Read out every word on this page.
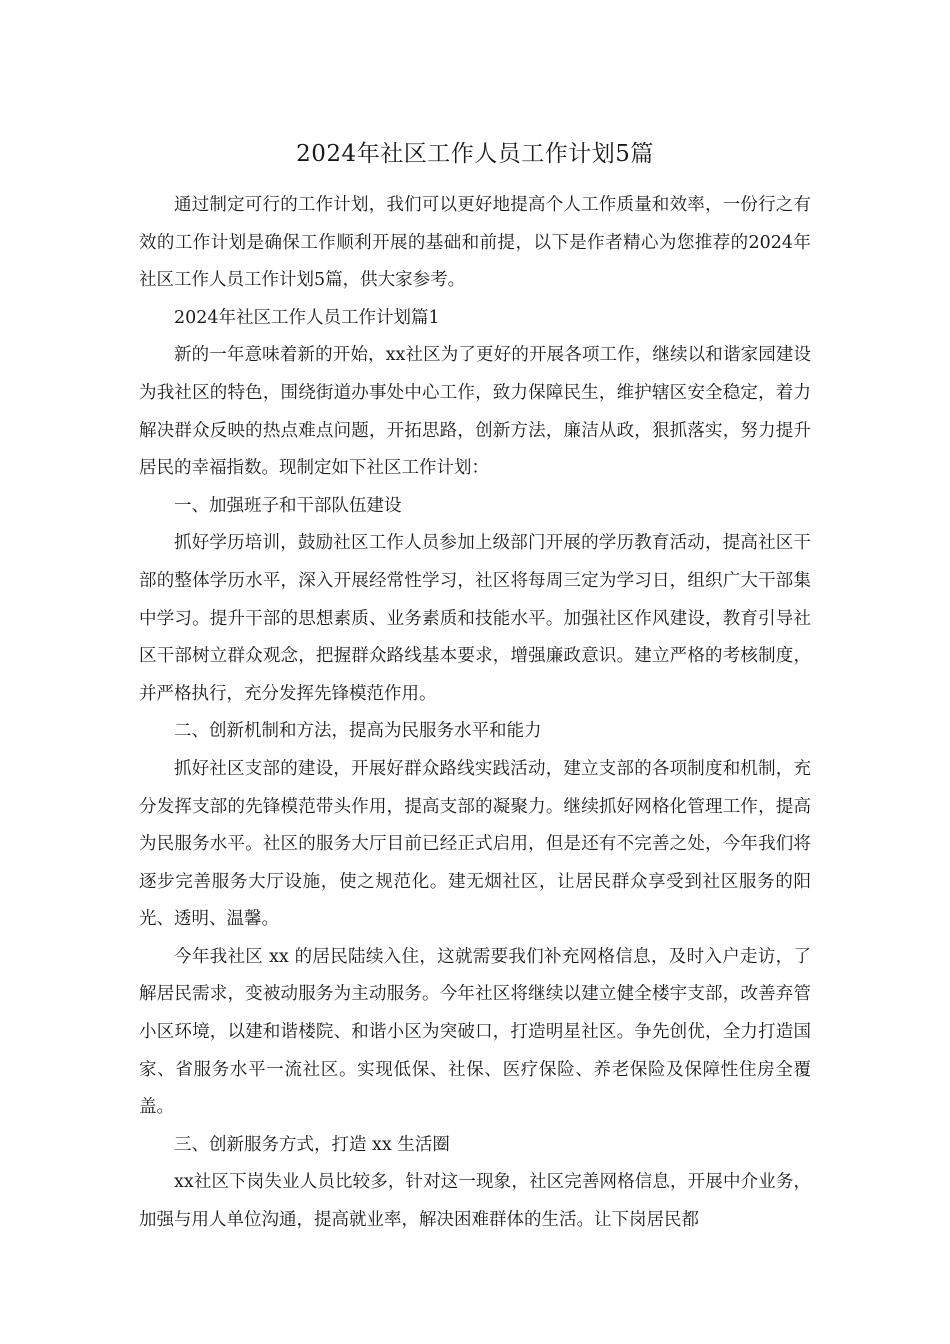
2024年社区工作人员工作计划5篇

通过制定可行的工作计划，我们可以更好地提高个人工作质量和效率，一份行之有效的工作计划是确保工作顺利开展的基础和前提，以下是作者精心为您推荐的2024年社区工作人员工作计划5篇，供大家参考。

2024年社区工作人员工作计划篇1

新的一年意味着新的开始，xx社区为了更好的开展各项工作，继续以和谐家园建设为我社区的特色，围绕街道办事处中心工作，致力保障民生，维护辖区安全稳定，着力解决群众反映的热点难点问题，开拓思路，创新方法，廉洁从政，狠抓落实，努力提升居民的幸福指数。现制定如下社区工作计划：

一、加强班子和干部队伍建设

抓好学历培训，鼓励社区工作人员参加上级部门开展的学历教育活动，提高社区干部的整体学历水平，深入开展经常性学习，社区将每周三定为学习日，组织广大干部集中学习。提升干部的思想素质、业务素质和技能水平。加强社区作风建设，教育引导社区干部树立群众观念，把握群众路线基本要求，增强廉政意识。建立严格的考核制度，并严格执行，充分发挥先锋模范作用。

二、创新机制和方法，提高为民服务水平和能力

抓好社区支部的建设，开展好群众路线实践活动，建立支部的各项制度和机制，充分发挥支部的先锋模范带头作用，提高支部的凝聚力。继续抓好网格化管理工作，提高为民服务水平。社区的服务大厅目前已经正式启用，但是还有不完善之处，今年我们将逐步完善服务大厅设施，使之规范化。建无烟社区，让居民群众享受到社区服务的阳光、透明、温馨。

今年我社区 xx 的居民陆续入住，这就需要我们补充网格信息，及时入户走访，了解居民需求，变被动服务为主动服务。今年社区将继续以建立健全楼宇支部，改善弃管小区环境，以建和谐楼院、和谐小区为突破口，打造明星社区。争先创优，全力打造国家、省服务水平一流社区。实现低保、社保、医疗保险、养老保险及保障性住房全覆盖。

三、创新服务方式，打造 xx 生活圈

xx社区下岗失业人员比较多，针对这一现象，社区完善网格信息，开展中介业务，加强与用人单位沟通，提高就业率，解决困难群体的生活。让下岗居民都
